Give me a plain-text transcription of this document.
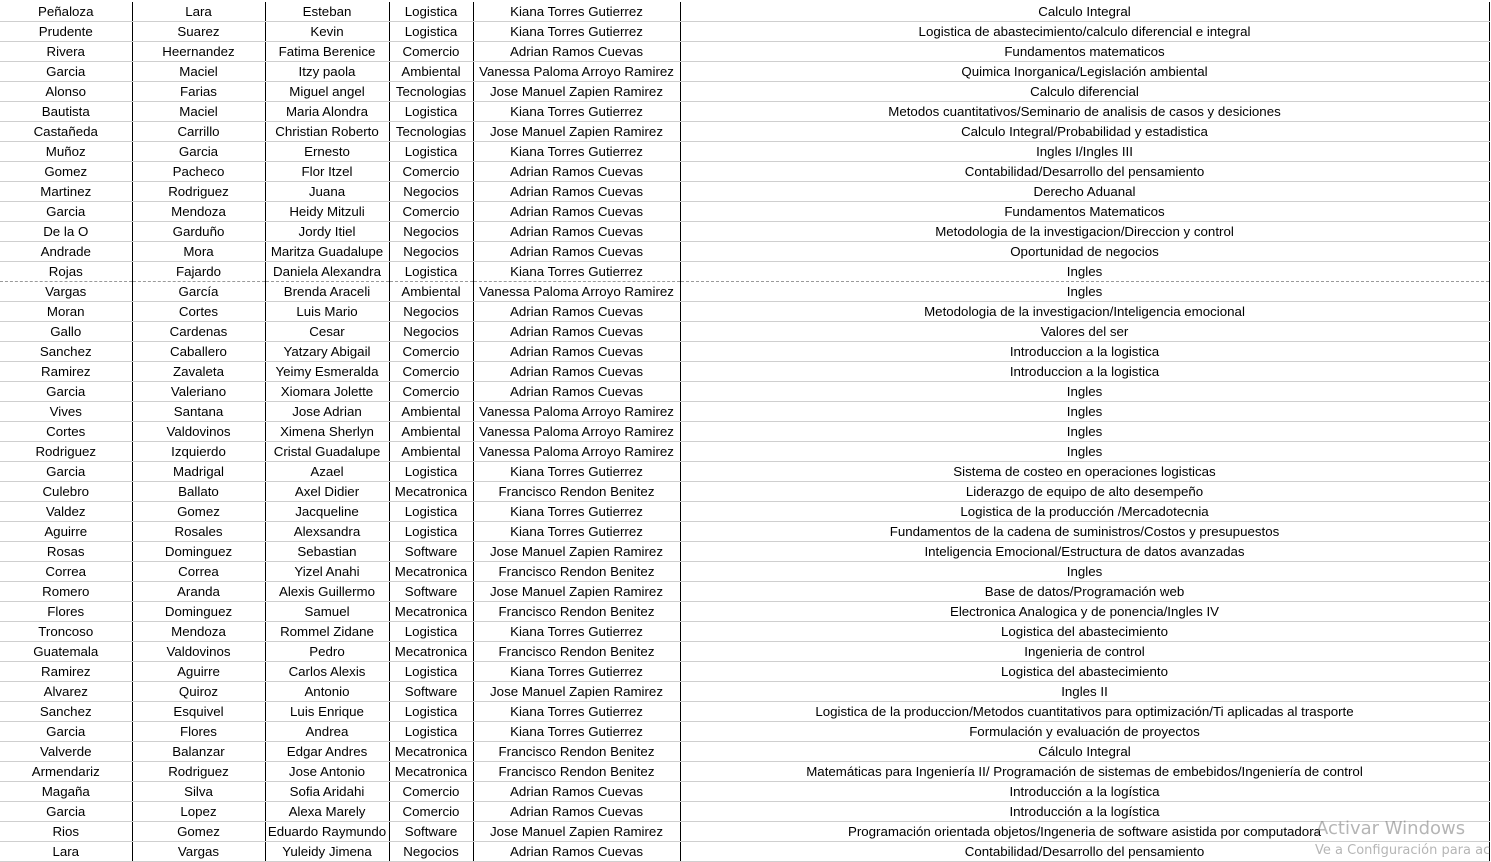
Peñaloza	Lara	Esteban	Logistica	Kiana Torres Gutierrez	Calculo Integral
Prudente	Suarez	Kevin	Logistica	Kiana Torres Gutierrez	Logistica de abastecimiento/calculo diferencial e integral
Rivera	Heernandez	Fatima Berenice	Comercio	Adrian Ramos Cuevas	Fundamentos matematicos
Garcia	Maciel	Itzy paola	Ambiental	Vanessa Paloma Arroyo Ramirez	Quimica Inorganica/Legislación ambiental
Alonso	Farias	Miguel angel	Tecnologias	Jose Manuel Zapien Ramirez	Calculo diferencial
Bautista	Maciel	Maria Alondra	Logistica	Kiana Torres Gutierrez	Metodos cuantitativos/Seminario de analisis de casos y desiciones
Castañeda	Carrillo	Christian Roberto	Tecnologias	Jose Manuel Zapien Ramirez	Calculo Integral/Probabilidad y estadistica
Muñoz	Garcia	Ernesto	Logistica	Kiana Torres Gutierrez	Ingles I/Ingles III
Gomez	Pacheco	Flor Itzel	Comercio	Adrian Ramos Cuevas	Contabilidad/Desarrollo del pensamiento
Martinez	Rodriguez	Juana	Negocios	Adrian Ramos Cuevas	Derecho Aduanal
Garcia	Mendoza	Heidy Mitzuli	Comercio	Adrian Ramos Cuevas	Fundamentos Matematicos
De la O	Garduño	Jordy Itiel	Negocios	Adrian Ramos Cuevas	Metodologia de la investigacion/Direccion y control
Andrade	Mora	Maritza Guadalupe	Negocios	Adrian Ramos Cuevas	Oportunidad de negocios
Rojas	Fajardo	Daniela Alexandra	Logistica	Kiana Torres Gutierrez	Ingles
Vargas	García	Brenda Araceli	Ambiental	Vanessa Paloma Arroyo Ramirez	Ingles
Moran	Cortes	Luis Mario	Negocios	Adrian Ramos Cuevas	Metodologia de la investigacion/Inteligencia emocional
Gallo	Cardenas	Cesar	Negocios	Adrian Ramos Cuevas	Valores del ser
Sanchez	Caballero	Yatzary Abigail	Comercio	Adrian Ramos Cuevas	Introduccion a la logistica
Ramirez	Zavaleta	Yeimy Esmeralda	Comercio	Adrian Ramos Cuevas	Introduccion a la logistica
Garcia	Valeriano	Xiomara Jolette	Comercio	Adrian Ramos Cuevas	Ingles
Vives	Santana	Jose Adrian	Ambiental	Vanessa Paloma Arroyo Ramirez	Ingles
Cortes	Valdovinos	Ximena Sherlyn	Ambiental	Vanessa Paloma Arroyo Ramirez	Ingles
Rodriguez	Izquierdo	Cristal Guadalupe	Ambiental	Vanessa Paloma Arroyo Ramirez	Ingles
Garcia	Madrigal	Azael	Logistica	Kiana Torres Gutierrez	Sistema de costeo en operaciones logisticas
Culebro	Ballato	Axel Didier	Mecatronica	Francisco Rendon Benitez	Liderazgo de equipo de alto desempeño
Valdez	Gomez	Jacqueline	Logistica	Kiana Torres Gutierrez	Logistica de la producción /Mercadotecnia
Aguirre	Rosales	Alexsandra	Logistica	Kiana Torres Gutierrez	Fundamentos de la cadena de suministros/Costos y presupuestos
Rosas	Dominguez	Sebastian	Software	Jose Manuel Zapien Ramirez	Inteligencia Emocional/Estructura de datos avanzadas
Correa	Correa	Yizel Anahi	Mecatronica	Francisco Rendon Benitez	Ingles
Romero	Aranda	Alexis Guillermo	Software	Jose Manuel Zapien Ramirez	Base de datos/Programación web
Flores	Dominguez	Samuel	Mecatronica	Francisco Rendon Benitez	Electronica Analogica y de ponencia/Ingles IV
Troncoso	Mendoza	Rommel Zidane	Logistica	Kiana Torres Gutierrez	Logistica del abastecimiento
Guatemala	Valdovinos	Pedro	Mecatronica	Francisco Rendon Benitez	Ingenieria de control
Ramirez	Aguirre	Carlos Alexis	Logistica	Kiana Torres Gutierrez	Logistica del abastecimiento
Alvarez	Quiroz	Antonio	Software	Jose Manuel Zapien Ramirez	Ingles II
Sanchez	Esquivel	Luis Enrique	Logistica	Kiana Torres Gutierrez	Logistica de la produccion/Metodos cuantitativos para optimización/Ti aplicadas al trasporte
Garcia	Flores	Andrea	Logistica	Kiana Torres Gutierrez	Formulación y evaluación de proyectos
Valverde	Balanzar	Edgar Andres	Mecatronica	Francisco Rendon Benitez	Cálculo Integral
Armendariz	Rodriguez	Jose Antonio	Mecatronica	Francisco Rendon Benitez	Matemáticas para Ingeniería II/ Programación de sistemas de embebidos/Ingeniería de control
Magaña	Silva	Sofia Aridahi	Comercio	Adrian Ramos Cuevas	Introducción a la logística
Garcia	Lopez	Alexa Marely	Comercio	Adrian Ramos Cuevas	Introducción a la logística
Rios	Gomez	Eduardo Raymundo	Software	Jose Manuel Zapien Ramirez	Programación orientada objetos/Ingeneria de software asistida por computadora
Lara	Vargas	Yuleidy Jimena	Negocios	Adrian Ramos Cuevas	Contabilidad/Desarrollo del pensamiento
Activar Windows
Ve a Configuración para ac
